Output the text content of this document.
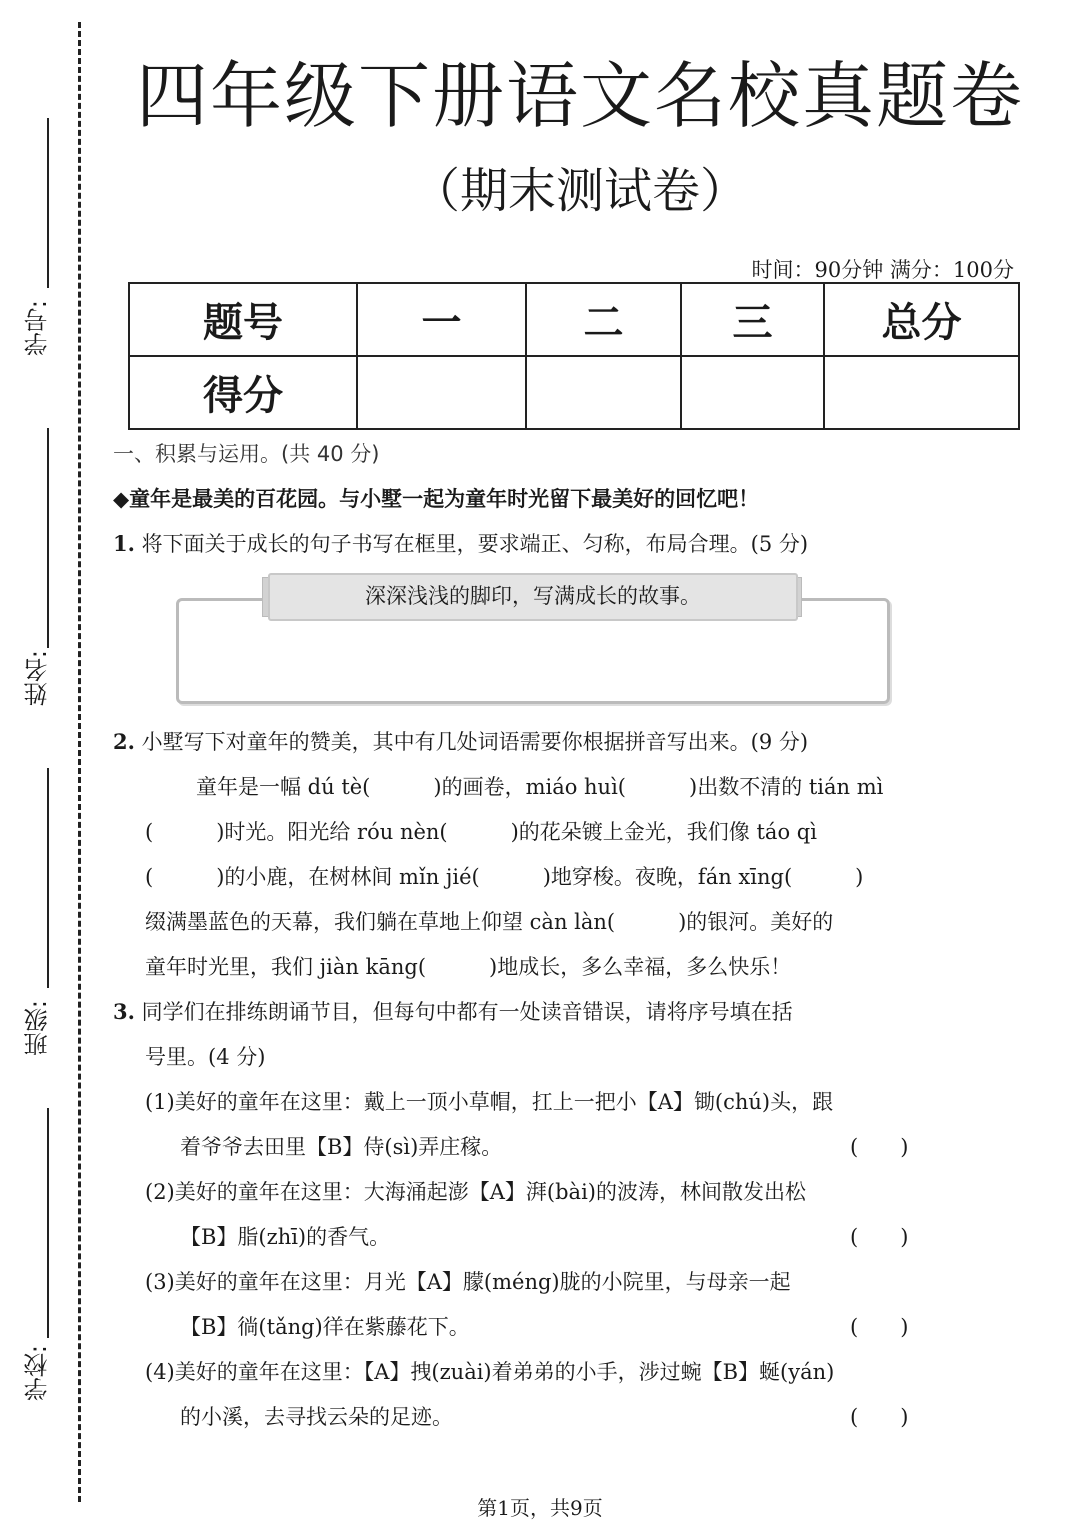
学号:
姓名:
班级:
学校:
四年级下册语文名校真题卷
（期末测试卷）
时间：90分钟 满分：100分
题号	一	二	三	总分
得分				
一、积累与运用。(共 40 分)
◆童年是最美的百花园。与小墅一起为童年时光留下最美好的回忆吧！
1. 将下面关于成长的句子书写在框里，要求端正、匀称，布局合理。(5 分)
深深浅浅的脚印，写满成长的故事。
2. 小墅写下对童年的赞美，其中有几处词语需要你根据拼音写出来。(9 分)
童年是一幅 dú tè(　　　)的画卷，miáo huì(　　　)出数不清的 tián mì
(　　　)时光。阳光给 róu nèn(　　　)的花朵镀上金光，我们像 táo qì
(　　　)的小鹿，在树林间 mǐn jié(　　　)地穿梭。夜晚，fán xīng(　　　)
缀满墨蓝色的天幕，我们躺在草地上仰望 càn làn(　　　)的银河。美好的
童年时光里，我们 jiàn kāng(　　　)地成长，多么幸福，多么快乐！
3. 同学们在排练朗诵节目，但每句中都有一处读音错误，请将序号填在括
号里。(4 分)
(1)美好的童年在这里：戴上一顶小草帽，扛上一把小【A】锄(chú)头，跟
着爷爷去田里【B】侍(sì)弄庄稼。	(　　)
(2)美好的童年在这里：大海涌起澎【A】湃(bài)的波涛，林间散发出松
【B】脂(zhī)的香气。	(　　)
(3)美好的童年在这里：月光【A】朦(méng)胧的小院里，与母亲一起
【B】徜(tǎng)徉在紫藤花下。	(　　)
(4)美好的童年在这里：【A】拽(zuài)着弟弟的小手，涉过蜿【B】蜒(yán)
的小溪，去寻找云朵的足迹。	(　　)
第1页，共9页
